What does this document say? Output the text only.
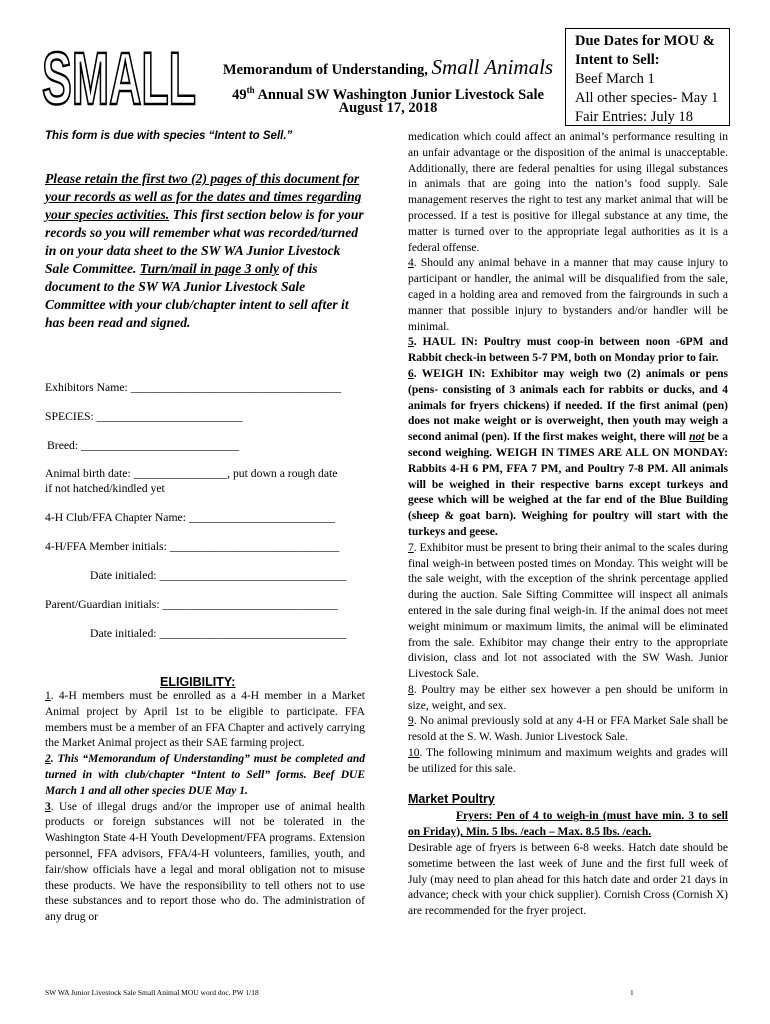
SMALL	Memorandum of Understanding, Small Animals
49th Annual SW Washington Junior Livestock Sale
August 17, 2018
Due Dates for MOU &
Intent to Sell:
Beef March 1
All other species- May 1
Fair Entries: July 18
This form is due with species “Intent to Sell.”
Please retain the first two (2) pages of this document for your records as well as for the dates and times regarding your species activities. This first section below is for your records so you will remember what was recorded/turned in on your data sheet to the SW WA Junior Livestock Sale Committee. Turn/mail in page 3 only of this document to the SW WA Junior Livestock Sale Committee with your club/chapter intent to sell after it has been read and signed.
Exhibitors Name: ____________________________________
SPECIES: _________________________
Breed: ___________________________
Animal birth date: ________________, put down a rough date
if not hatched/kindled yet
4-H Club/FFA Chapter Name: _________________________
4-H/FFA Member initials: _____________________________
Date initialed: ________________________________
Parent/Guardian initials: ______________________________
Date initialed: ________________________________
ELIGIBILITY:

1. 4-H members must be enrolled as a 4-H member in a Market Animal project by April 1st to be eligible to participate. FFA members must be a member of an FFA Chapter and actively carrying the Market Animal project as their SAE farming project.

2. This “Memorandum of Understanding” must be completed and turned in with club/chapter “Intent to Sell” forms. Beef DUE March 1 and all other species DUE May 1.

3. Use of illegal drugs and/or the improper use of animal health products or foreign substances will not be tolerated in the Washington State 4-H Youth Development/FFA programs. Extension personnel, FFA advisors, FFA/4-H volunteers, families, youth, and fair/show officials have a legal and moral obligation not to misuse these products. We have the responsibility to tell others not to use these substances and to report those who do. The administration of any drug or

medication which could affect an animal’s performance resulting in an unfair advantage or the disposition of the animal is unacceptable. Additionally, there are federal penalties for using illegal substances in animals that are going into the nation’s food supply. Sale management reserves the right to test any market animal that will be processed. If a test is positive for illegal substance at any time, the matter is turned over to the appropriate legal authorities as it is a federal offense.

4. Should any animal behave in a manner that may cause injury to participant or handler, the animal will be disqualified from the sale, caged in a holding area and removed from the fairgrounds in such a manner that possible injury to bystanders and/or handler will be minimal.

5. HAUL IN: Poultry must coop-in between noon -6PM and Rabbit check-in between 5-7 PM, both on Monday prior to fair.

6. WEIGH IN: Exhibitor may weigh two (2) animals or pens (pens- consisting of 3 animals each for rabbits or ducks, and 4 animals for fryers chickens) if needed. If the first animal (pen) does not make weight or is overweight, then youth may weigh a second animal (pen). If the first makes weight, there will not be a second weighing. WEIGH IN TIMES ARE ALL ON MONDAY: Rabbits 4-H 6 PM, FFA 7 PM, and Poultry 7-8 PM. All animals will be weighed in their respective barns except turkeys and geese which will be weighed at the far end of the Blue Building (sheep & goat barn). Weighing for poultry will start with the turkeys and geese.

7. Exhibitor must be present to bring their animal to the scales during final weigh-in between posted times on Monday. This weight will be the sale weight, with the exception of the shrink percentage applied during the auction. Sale Sifting Committee will inspect all animals entered in the sale during final weigh-in. If the animal does not meet weight minimum or maximum limits, the animal will be eliminated from the sale. Exhibitor may change their entry to the appropriate division, class and lot not associated with the SW Wash. Junior Livestock Sale.

8. Poultry may be either sex however a pen should be uniform in size, weight, and sex.

9. No animal previously sold at any 4-H or FFA Market Sale shall be resold at the S. W. Wash. Junior Livestock Sale.

10. The following minimum and maximum weights and grades will be utilized for this sale.

Market Poultry

Fryers: Pen of 4 to weigh-in (must have min. 3 to sell on Friday), Min. 5 lbs. /each – Max. 8.5 lbs. /each.

Desirable age of fryers is between 6-8 weeks. Hatch date should be sometime between the last week of June and the first full week of July (may need to plan ahead for this hatch date and order 21 days in advance; check with your chick supplier). Cornish Cross (Cornish X) are recommended for the fryer project.

SW WA Junior Livestock Sale Small Animal MOU word doc. PW 1/18	1
